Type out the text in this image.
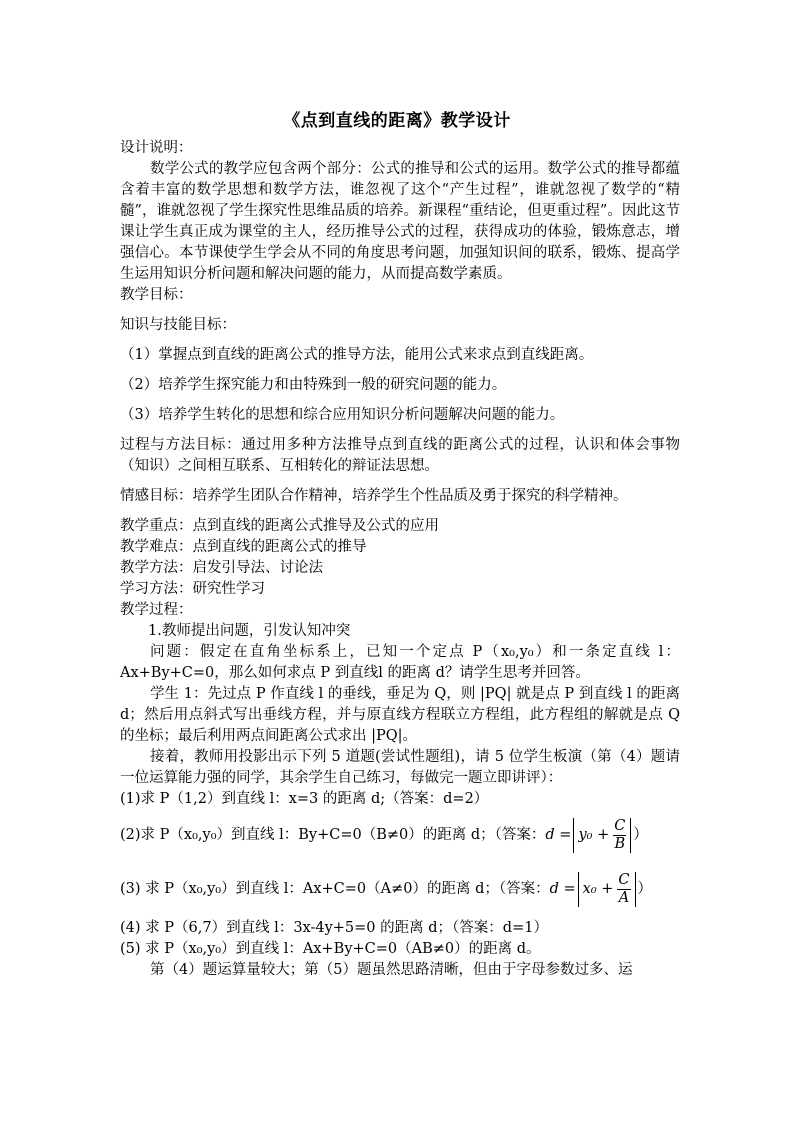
《点到直线的距离》教学设计
设计说明：
数学公式的教学应包含两个部分：公式的推导和公式的运用。数学公式的推导都蕴含着丰富的数学思想和数学方法，谁忽视了这个“产生过程”，谁就忽视了数学的“精髓”，谁就忽视了学生探究性思维品质的培养。新课程“重结论，但更重过程”。因此这节课让学生真正成为课堂的主人，经历推导公式的过程，获得成功的体验，锻炼意志，增强信心。本节课使学生学会从不同的角度思考问题，加强知识间的联系，锻炼、提高学生运用知识分析问题和解决问题的能力，从而提高数学素质。
教学目标：
知识与技能目标：
（1）掌握点到直线的距离公式的推导方法，能用公式来求点到直线距离。
（2）培养学生探究能力和由特殊到一般的研究问题的能力。
（3）培养学生转化的思想和综合应用知识分析问题解决问题的能力。
过程与方法目标：通过用多种方法推导点到直线的距离公式的过程，认识和体会事物（知识）之间相互联系、互相转化的辩证法思想。
情感目标：培养学生团队合作精神，培养学生个性品质及勇于探究的科学精神。
教学重点：点到直线的距离公式推导及公式的应用
教学难点：点到直线的距离公式的推导
教学方法：启发引导法、讨论法
学习方法：研究性学习
教学过程：
1.教师提出问题，引发认知冲突
问题：假定在直角坐标系上，已知一个定点 P（x₀,y₀）和一条定直线 l：Ax+By+C=0，那么如何求点 P 到直线l 的距离 d？请学生思考并回答。
学生 1：先过点 P 作直线 l 的垂线，垂足为 Q，则 |PQ| 就是点 P 到直线 l 的距离 d；然后用点斜式写出垂线方程，并与原直线方程联立方程组，此方程组的解就是点 Q 的坐标；最后利用两点间距离公式求出 |PQ|。
接着，教师用投影出示下列 5 道题(尝试性题组)，请 5 位学生板演（第（4）题请一位运算能力强的同学，其余学生自己练习，每做完一题立即讲评）：
(1)求 P（1,2）到直线 l：x=3 的距离 d;（答案：d=2）
(2)求 P（x₀,y₀）到直线 l：By+C=0（B≠0）的距离 d；（答案： $d = y_0 + \frac{C}{B}$ ）
(3) 求 P（x₀,y₀）到直线 l：Ax+C=0（A≠0）的距离 d；（答案： $d = x_0 + \frac{C}{A}$ ）
(4) 求 P（6,7）到直线 l：3x-4y+5=0 的距离 d；（答案：d=1）
(5) 求 P（x₀,y₀）到直线 l：Ax+By+C=0（AB≠0）的距离 d。
第（4）题运算量较大；第（5）题虽然思路清晰，但由于字母参数过多、运
